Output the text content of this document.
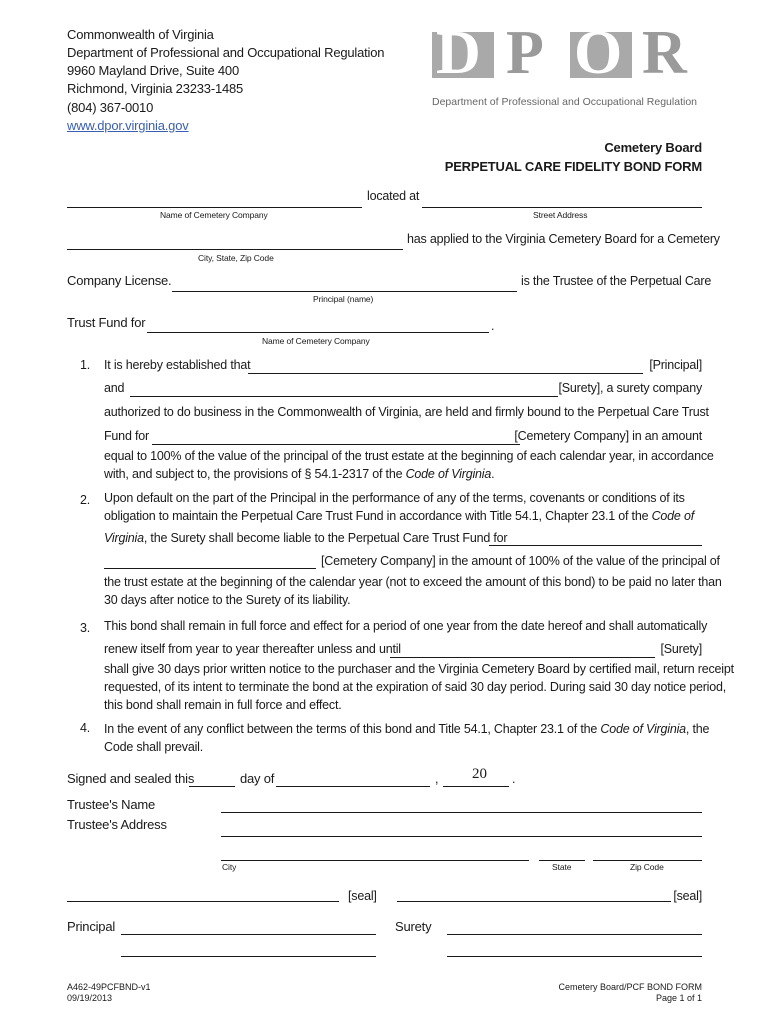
Commonwealth of Virginia
Department of Professional and Occupational Regulation
9960 Mayland Drive, Suite 400
Richmond, Virginia 23233-1485
(804) 367-0010
www.dpor.virginia.gov
D P O R
Department of Professional and Occupational Regulation
Cemetery Board
PERPETUAL CARE FIDELITY BOND FORM
located at
Name of Cemetery Company	Street Address
has applied to the Virginia Cemetery Board for a Cemetery
City, State, Zip Code
Company License.	is the Trustee of the Perpetual Care
Principal (name)
Trust Fund for	.
Name of Cemetery Company
1. It is hereby established that	[Principal]
and	[Surety], a surety company
authorized to do business in the Commonwealth of Virginia, are held and firmly bound to the Perpetual Care Trust
Fund for	[Cemetery Company] in an amount
equal to 100% of the value of the principal of the trust estate at the beginning of each calendar year, in accordance
with, and subject to, the provisions of § 54.1-2317 of the Code of Virginia.
2. Upon default on the part of the Principal in the performance of any of the terms, covenants or conditions of its
obligation to maintain the Perpetual Care Trust Fund in accordance with Title 54.1, Chapter 23.1 of the Code of
Virginia, the Surety shall become liable to the Perpetual Care Trust Fund for
[Cemetery Company] in the amount of 100% of the value of the principal of
the trust estate at the beginning of the calendar year (not to exceed the amount of this bond) to be paid no later than
30 days after notice to the Surety of its liability.
3. This bond shall remain in full force and effect for a period of one year from the date hereof and shall automatically
renew itself from year to year thereafter unless and until	[Surety]
shall give 30 days prior written notice to the purchaser and the Virginia Cemetery Board by certified mail, return receipt
requested, of its intent to terminate the bond at the expiration of said 30 day period. During said 30 day notice period,
this bond shall remain in full force and effect.
4. In the event of any conflict between the terms of this bond and Title 54.1, Chapter 23.1 of the Code of Virginia, the
Code shall prevail.
Signed and sealed this	day of	, 20 .
Trustee's Name
Trustee's Address
City	State	Zip Code
[seal]	[seal]
Principal	Surety
A462-49PCFBND-v1
09/19/2013
Cemetery Board/PCF BOND FORM
Page 1 of 1
